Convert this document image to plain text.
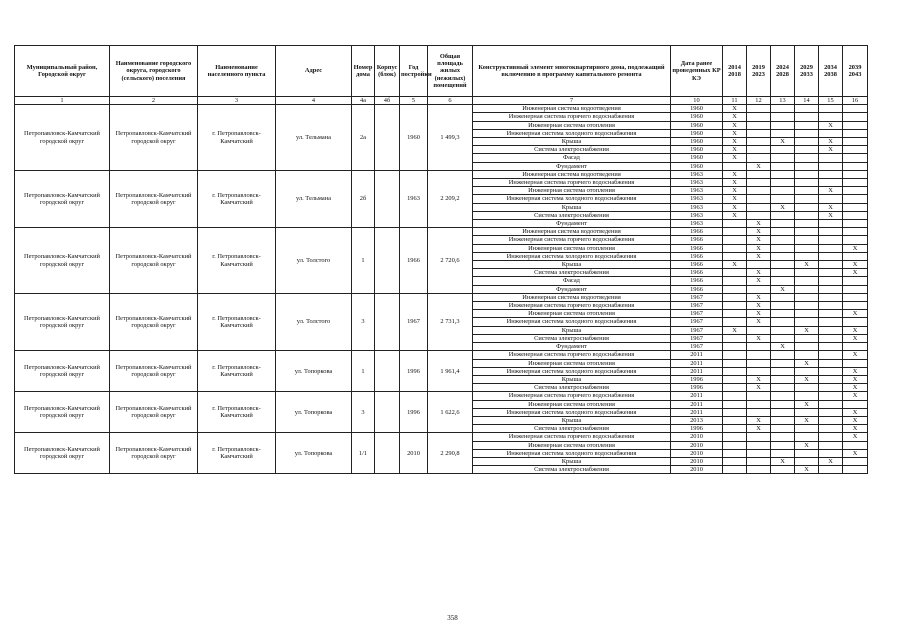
Муниципальный район, Городской округ	Наименование городского округа, городского (сельского) поселения	Наименование населенного пункта	Адрес	Номер дома	Корпус (блок)	Год постройки	Общая площадь жилых (нежилых) помещений	Конструктивный элемент многоквартирного дома, подлежащий включению в программу капитального ремонта	Дата ранее проведенных КР КЭ	2014 2018	2019 2023	2024 2028	2029 2033	2034 2038	2039 2043
1	2	3	4	4а	4б	5	6	7	10	11	12	13	14	15	16
Петропавловск-Камчатский городской округ	Петропавловск-Камчатский городской округ	г. Петропавловск-Камчатский	ул. Тельмана	2а		1960	1 499,3	Инженерная система водоотведения	1960	X					
								Инженерная система горячего водоснабжения	1960	X					
								Инженерная система отопления	1960	X				X	
								Инженерная система холодного водоснабжения	1960	X					
								Крыша	1960	X		X		X	
								Система электроснабжения	1960	X				X	
								Фасад	1960	X					
								Фундамент	1960		X				
Петропавловск-Камчатский городской округ	Петропавловск-Камчатский городской округ	г. Петропавловск-Камчатский	ул. Тельмана	2б		1963	2 209,2	Инженерная система водоотведения	1963	X					
								Инженерная система горячего водоснабжения	1963	X					
								Инженерная система отопления	1963	X				X	
								Инженерная система холодного водоснабжения	1963	X					
								Крыша	1963	X		X		X	
								Система электроснабжения	1963	X				X	
								Фундамент	1963		X				
Петропавловск-Камчатский городской округ	Петропавловск-Камчатский городской округ	г. Петропавловск-Камчатский	ул. Толстого	1		1966	2 720,6	Инженерная система водоотведения	1966		X				
								Инженерная система горячего водоснабжения	1966		X				
								Инженерная система отопления	1966		X				X
								Инженерная система холодного водоснабжения	1966		X				
								Крыша	1966	X			X		X
								Система электроснабжения	1966		X				X
								Фасад	1966		X				
								Фундамент	1966			X			
Петропавловск-Камчатский городской округ	Петропавловск-Камчатский городской округ	г. Петропавловск-Камчатский	ул. Толстого	3		1967	2 731,3	Инженерная система водоотведения	1967		X				
								Инженерная система горячего водоснабжения	1967		X				
								Инженерная система отопления	1967		X				X
								Инженерная система холодного водоснабжения	1967		X				
								Крыша	1967	X			X		X
								Система электроснабжения	1967		X				X
								Фундамент	1967			X			
Петропавловск-Камчатский городской округ	Петропавловск-Камчатский городской округ	г. Петропавловск-Камчатский	ул. Топоркова	1		1996	1 961,4	Инженерная система горячего водоснабжения	2011						X
								Инженерная система отопления	2011				X		
								Инженерная система холодного водоснабжения	2011						X
								Крыша	1996		X		X		X
								Система электроснабжения	1996		X				X
Петропавловск-Камчатский городской округ	Петропавловск-Камчатский городской округ	г. Петропавловск-Камчатский	ул. Топоркова	3		1996	1 622,6	Инженерная система горячего водоснабжения	2011						X
								Инженерная система отопления	2011				X		
								Инженерная система холодного водоснабжения	2011						X
								Крыша	2013		X		X		X
								Система электроснабжения	1996		X				X
Петропавловск-Камчатский городской округ	Петропавловск-Камчатский городской округ	г. Петропавловск-Камчатский	ул. Топоркова	1/1		2010	2 290,8	Инженерная система горячего водоснабжения	2010						X
								Инженерная система отопления	2010				X		
								Инженерная система холодного водоснабжения	2010						X
								Крыша	2010			X		X	
								Система электроснабжения	2010				X		
358
